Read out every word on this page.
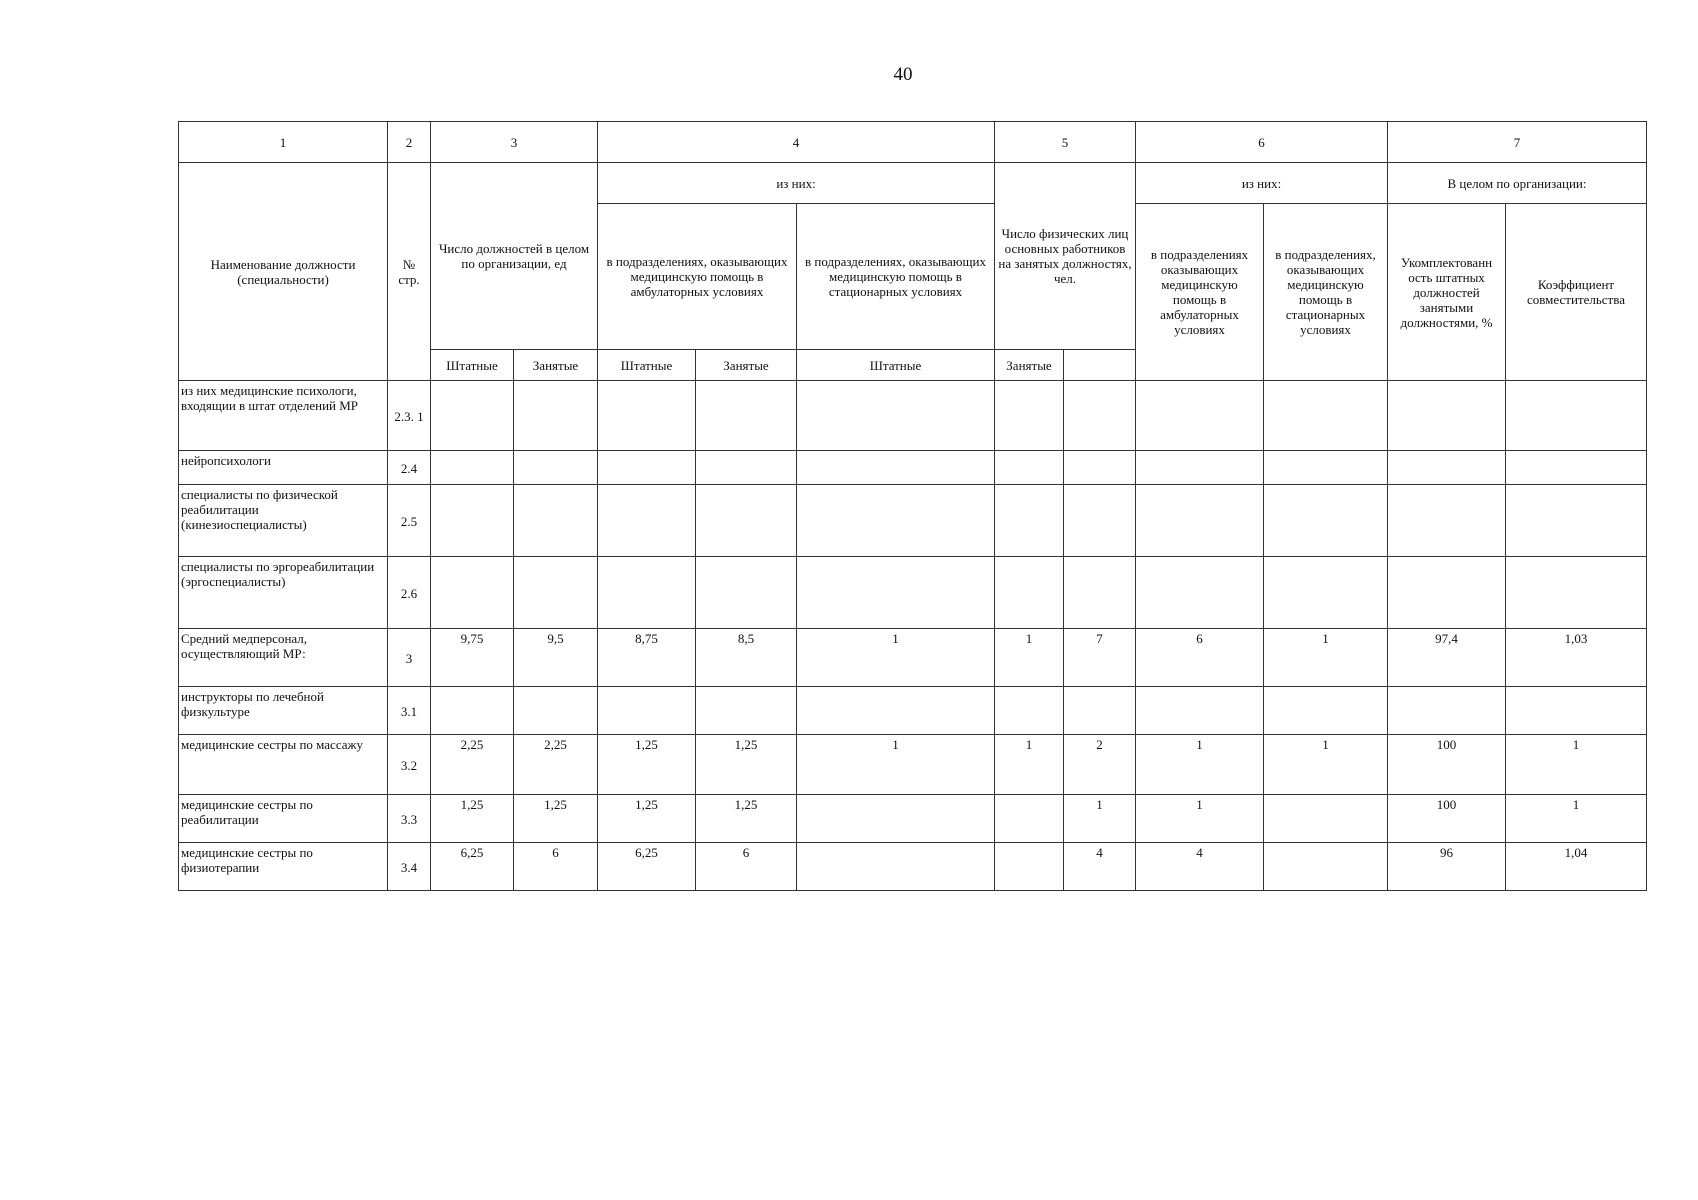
40
1	2	3		4			5		6		7	
Наименование должности (специальности)	№ стр.	Число должностей в целом по организации, ед		из них:			Число физических лиц основных работников на занятых должностях, чел.		из них:		В целом по организации:	
				в подразделениях, оказывающих медицинскую помощь в амбулаторных условиях		в подразделениях, оказывающих медицинскую помощь в стационарных условиях			в подразделениях оказывающих медицинскую помощь в амбулаторных условиях	в подразделениях, оказывающих медицинскую помощь в стационарных условиях	Укомплектованн ость штатных должностей занятыми должностями, %	Коэффициент совместительства
		Штатные	Занятые	Штатные	Занятые	Штатные	Занятые					
из них медицинские психологи, входящии в штат отделений МР	2.3. 1											
нейропсихологи	2.4											
специалисты по физической реабилитации (кинезиоспециалисты)	2.5											
специалисты по эргореабилитации (эргоспециалисты)	2.6											
Средний медперсонал, осуществляющий МР:	3	9,75	9,5	8,75	8,5	1	1	7	6	1	97,4	1,03
инструкторы по лечебной физкультуре	3.1											
медицинские сестры по массажу	3.2	2,25	2,25	1,25	1,25	1	1	2	1	1	100	1
медицинские сестры по реабилитации	3.3	1,25	1,25	1,25	1,25			1	1		100	1
медицинские сестры по физиотерапии	3.4	6,25	6	6,25	6			4	4		96	1,04
